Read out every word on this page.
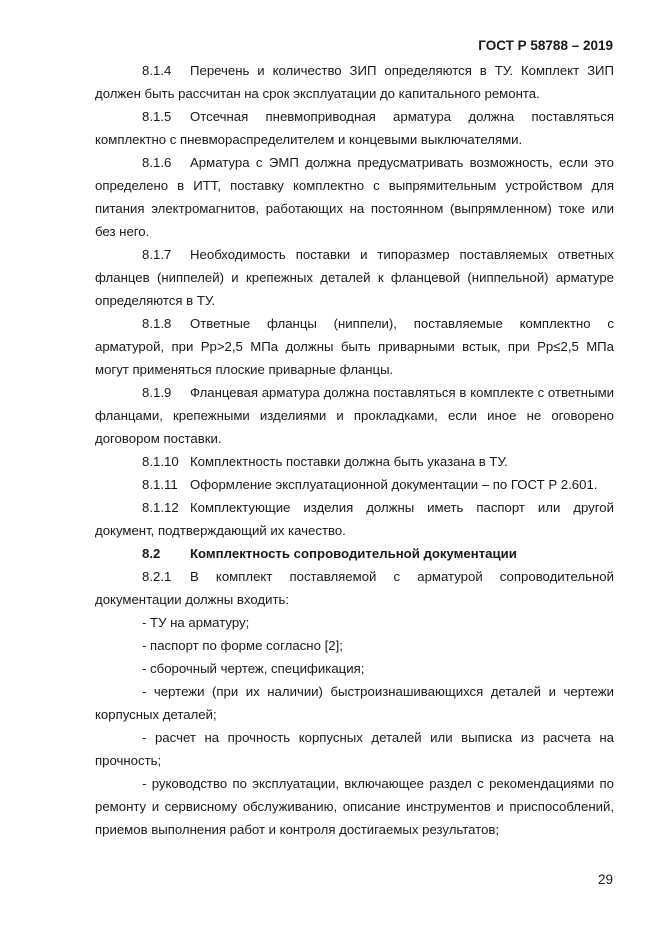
ГОСТ Р 58788 – 2019
8.1.4 Перечень и количество ЗИП определяются в ТУ. Комплект ЗИП должен быть рассчитан на срок эксплуатации до капитального ремонта.
8.1.5 Отсечная пневмоприводная арматура должна поставляться комплектно с пневмораспределителем и концевыми выключателями.
8.1.6 Арматура с ЭМП должна предусматривать возможность, если это определено в ИТТ, поставку комплектно с выпрямительным устройством для питания электромагнитов, работающих на постоянном (выпрямленном) токе или без него.
8.1.7 Необходимость поставки и типоразмер поставляемых ответных фланцев (ниппелей) и крепежных деталей к фланцевой (ниппельной) арматуре определяются в ТУ.
8.1.8 Ответные фланцы (ниппели), поставляемые комплектно с арматурой, при Рр>2,5 МПа должны быть приварными встык, при Рр≤2,5 МПа могут применяться плоские приварные фланцы.
8.1.9 Фланцевая арматура должна поставляться в комплекте с ответными фланцами, крепежными изделиями и прокладками, если иное не оговорено договором поставки.
8.1.10 Комплектность поставки должна быть указана в ТУ.
8.1.11 Оформление эксплуатационной документации – по ГОСТ Р 2.601.
8.1.12 Комплектующие изделия должны иметь паспорт или другой документ, подтверждающий их качество.
8.2 Комплектность сопроводительной документации
8.2.1 В комплект поставляемой с арматурой сопроводительной документации должны входить:
- ТУ на арматуру;
- паспорт по форме согласно [2];
- сборочный чертеж, спецификация;
- чертежи (при их наличии) быстроизнашивающихся деталей и чертежи корпусных деталей;
- расчет на прочность корпусных деталей или выписка из расчета на прочность;
- руководство по эксплуатации, включающее раздел с рекомендациями по ремонту и сервисному обслуживанию, описание инструментов и приспособлений, приемов выполнения работ и контроля достигаемых результатов;
29
